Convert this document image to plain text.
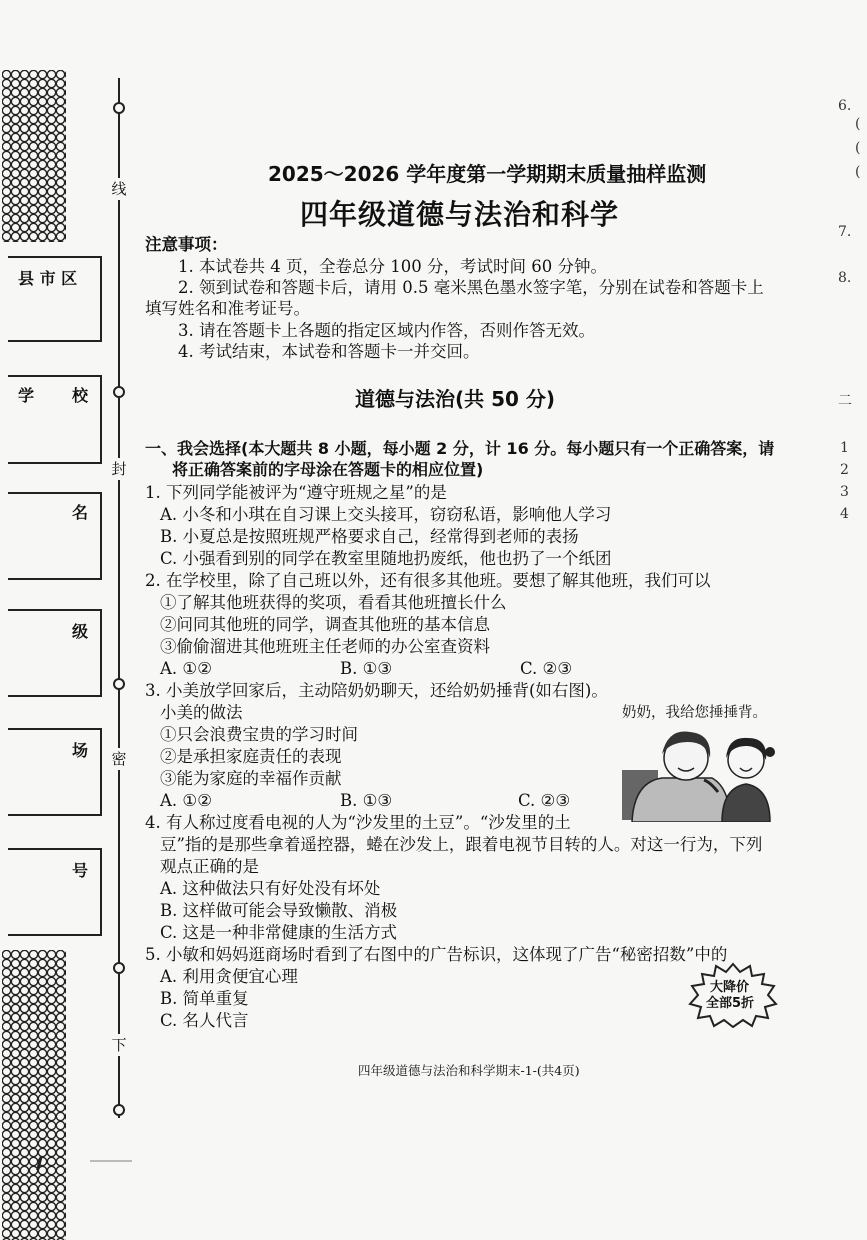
线
封
密
下
县 市 区
学 校
名
级
场
号
2025～2026 学年度第一学期期末质量抽样监测
四年级道德与法治和科学
注意事项：
1. 本试卷共 4 页，全卷总分 100 分，考试时间 60 分钟。
2. 领到试卷和答题卡后，请用 0.5 毫米黑色墨水签字笔，分别在试卷和答题卡上
填写姓名和准考证号。
3. 请在答题卡上各题的指定区域内作答，否则作答无效。
4. 考试结束，本试卷和答题卡一并交回。
道德与法治(共 50 分)
一、我会选择(本大题共 8 小题，每小题 2 分，计 16 分。每小题只有一个正确答案，请
将正确答案前的字母涂在答题卡的相应位置)
1. 下列同学能被评为“遵守班规之星”的是
A. 小冬和小琪在自习课上交头接耳，窃窃私语，影响他人学习
B. 小夏总是按照班规严格要求自己，经常得到老师的表扬
C. 小强看到别的同学在教室里随地扔废纸，他也扔了一个纸团
2. 在学校里，除了自己班以外，还有很多其他班。要想了解其他班，我们可以
①了解其他班获得的奖项，看看其他班擅长什么
②问同其他班的同学，调查其他班的基本信息
③偷偷溜进其他班班主任老师的办公室查资料
A. ①②	B. ①③	C. ②③
3. 小美放学回家后，主动陪奶奶聊天，还给奶奶捶背(如右图)。
小美的做法
①只会浪费宝贵的学习时间
②是承担家庭责任的表现
③能为家庭的幸福作贡献
A. ①②	B. ①③	C. ②③
奶奶，我给您捶捶背。
4. 有人称过度看电视的人为“沙发里的土豆”。“沙发里的土
豆”指的是那些拿着遥控器，蜷在沙发上，跟着电视节目转的人。对这一行为，下列
观点正确的是
A. 这种做法只有好处没有坏处
B. 这样做可能会导致懒散、消极
C. 这是一种非常健康的生活方式
5. 小敏和妈妈逛商场时看到了右图中的广告标识，这体现了广告“秘密招数”中的
A. 利用贪便宜心理
B. 简单重复
C. 名人代言
大降价
全部5折
四年级道德与法治和科学期末-1-(共4页)
6.
(
(
(
7.
8.
二
1
2
3
4
